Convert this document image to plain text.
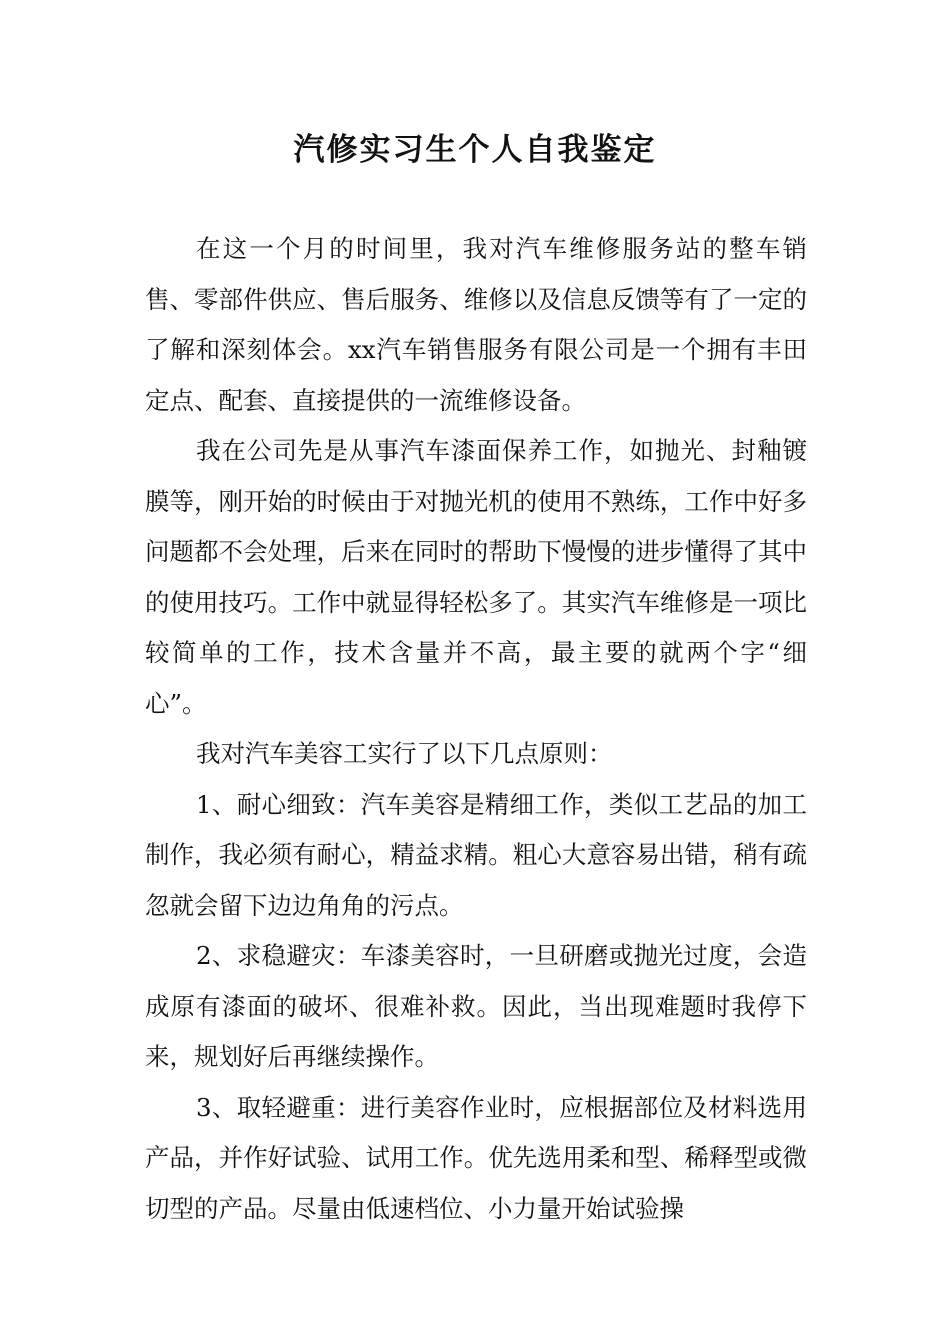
汽修实习生个人自我鉴定

在这一个月的时间里，我对汽车维修服务站的整车销售、零部件供应、售后服务、维修以及信息反馈等有了一定的了解和深刻体会。xx汽车销售服务有限公司是一个拥有丰田定点、配套、直接提供的一流维修设备。

我在公司先是从事汽车漆面保养工作，如抛光、封釉镀膜等，刚开始的时候由于对抛光机的使用不熟练，工作中好多问题都不会处理，后来在同时的帮助下慢慢的进步懂得了其中的使用技巧。工作中就显得轻松多了。其实汽车维修是一项比较简单的工作，技术含量并不高，最主要的就两个字“细心”。

我对汽车美容工实行了以下几点原则：

1、耐心细致：汽车美容是精细工作，类似工艺品的加工制作，我必须有耐心，精益求精。粗心大意容易出错，稍有疏忽就会留下边边角角的污点。

2、求稳避灾：车漆美容时，一旦研磨或抛光过度，会造成原有漆面的破坏、很难补救。因此，当出现难题时我停下来，规划好后再继续操作。

3、取轻避重：进行美容作业时，应根据部位及材料选用产品，并作好试验、试用工作。优先选用柔和型、稀释型或微切型的产品。尽量由低速档位、小力量开始试验操
